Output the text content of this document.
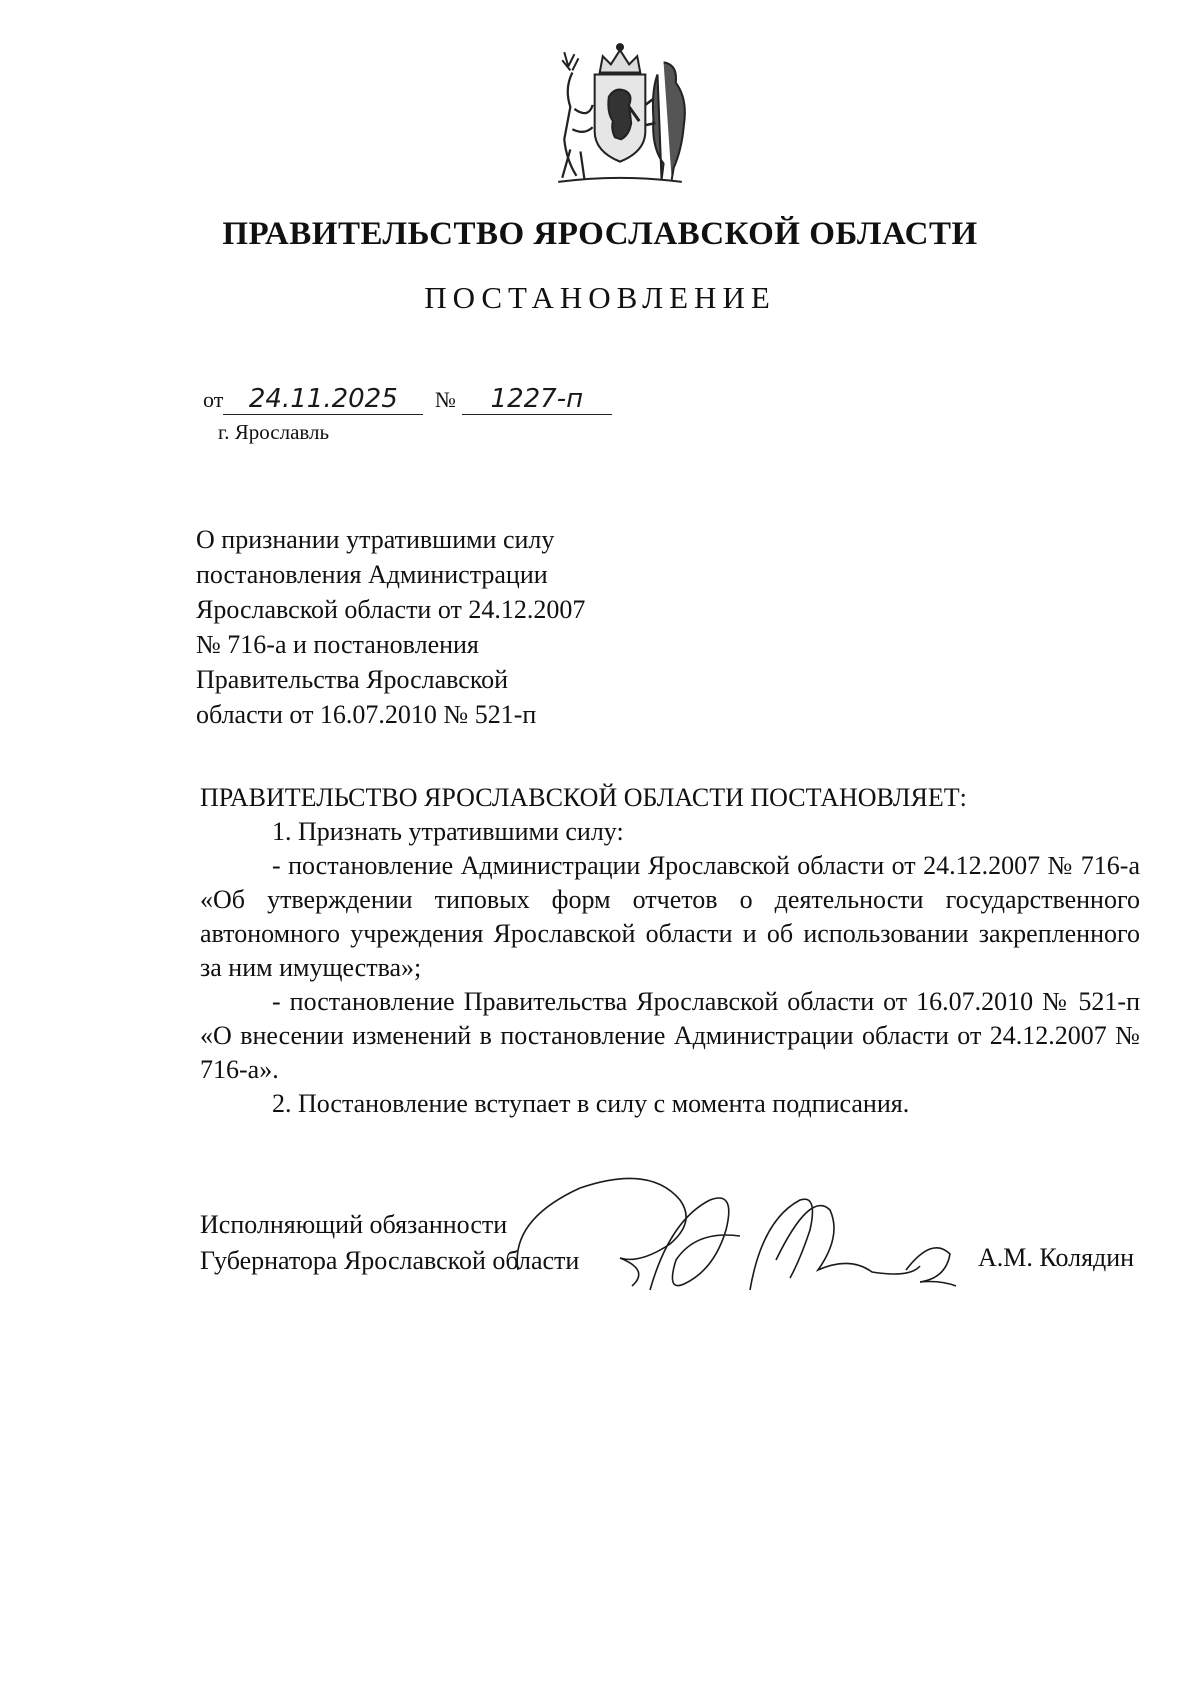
ПРАВИТЕЛЬСТВО ЯРОСЛАВСКОЙ ОБЛАСТИ
ПОСТАНОВЛЕНИЕ
от 24.11.2025 № 1227-п
г. Ярославль
О признании утратившими силу
постановления Администрации
Ярославской области от 24.12.2007
№ 716-а и постановления
Правительства Ярославской
области от 16.07.2010 № 521-п

ПРАВИТЕЛЬСТВО ЯРОСЛАВСКОЙ ОБЛАСТИ ПОСТАНОВЛЯЕТ:

1. Признать утратившими силу:

- постановление Администрации Ярославской области от 24.12.2007 № 716-а «Об утверждении типовых форм отчетов о деятельности государственного автономного учреждения Ярославской области и об использовании закрепленного за ним имущества»;

- постановление Правительства Ярославской области от 16.07.2010 № 521-п «О внесении изменений в постановление Администрации области от 24.12.2007 № 716-а».

2. Постановление вступает в силу с момента подписания.

Исполняющий обязанности
Губернатора Ярославской области	А.М. Колядин
